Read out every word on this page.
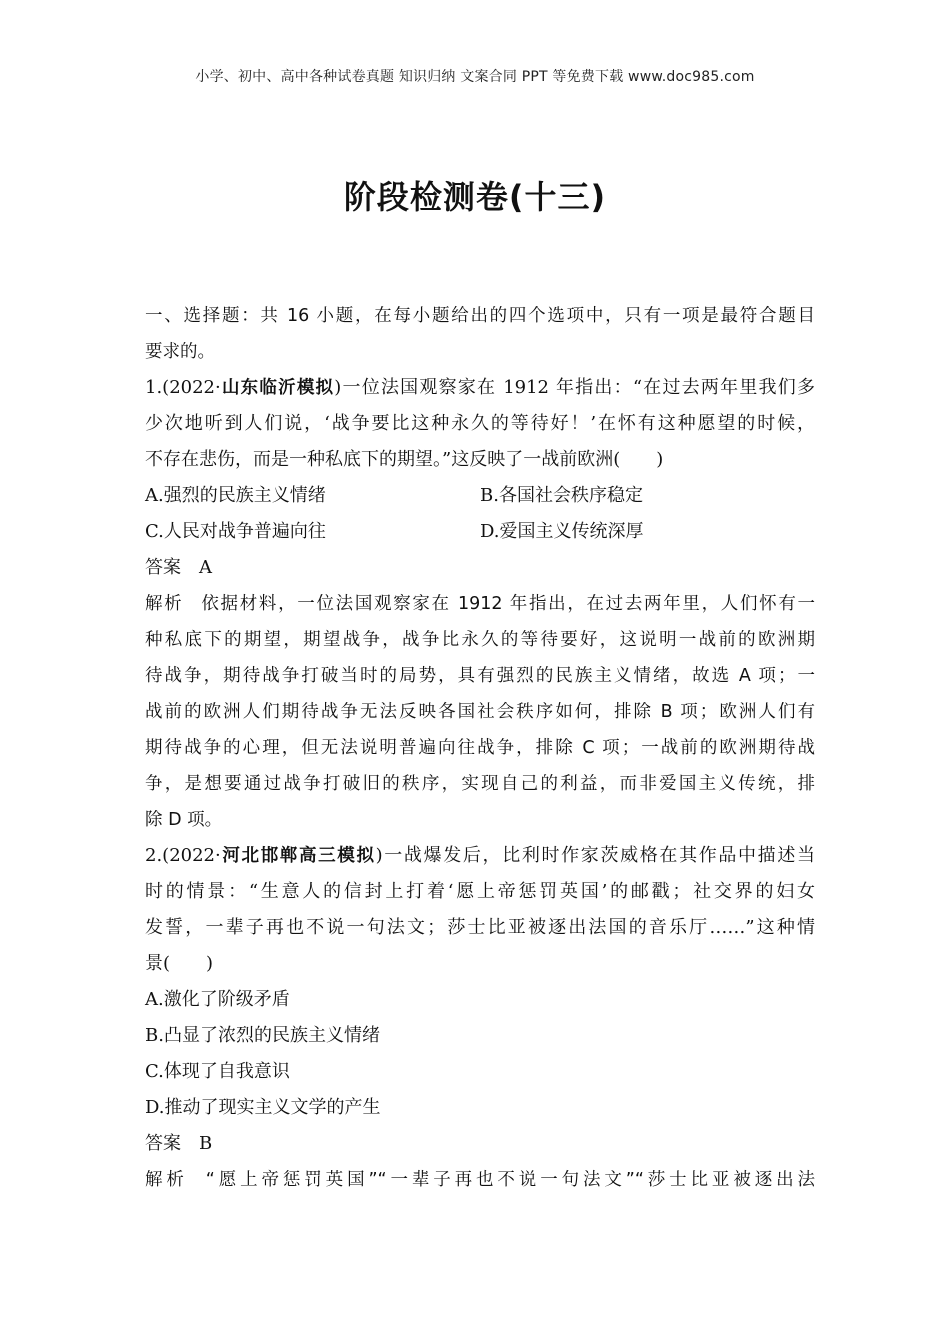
小学、初中、高中各种试卷真题 知识归纳 文案合同 PPT 等免费下载 www.doc985.com
阶段检测卷(十三)
一、选择题：共 16 小题，在每小题给出的四个选项中，只有一项是最符合题目
要求的。
1.(2022·山东临沂模拟)一位法国观察家在 1912 年指出：“在过去两年里我们多
少次地听到人们说，‘战争要比这种永久的等待好！’在怀有这种愿望的时候，
不存在悲伤，而是一种私底下的期望。”这反映了一战前欧洲(　　)
A.强烈的民族主义情绪	B.各国社会秩序稳定
C.人民对战争普遍向往	D.爱国主义传统深厚
答案 A
解析 依据材料，一位法国观察家在 1912 年指出，在过去两年里，人们怀有一
种私底下的期望，期望战争，战争比永久的等待要好，这说明一战前的欧洲期
待战争，期待战争打破当时的局势，具有强烈的民族主义情绪，故选 A 项；一
战前的欧洲人们期待战争无法反映各国社会秩序如何，排除 B 项；欧洲人们有
期待战争的心理，但无法说明普遍向往战争，排除 C 项；一战前的欧洲期待战
争，是想要通过战争打破旧的秩序，实现自己的利益，而非爱国主义传统，排
除 D 项。
2.(2022·河北邯郸高三模拟)一战爆发后，比利时作家茨威格在其作品中描述当
时的情景：“生意人的信封上打着‘愿上帝惩罚英国’的邮戳；社交界的妇女
发誓，一辈子再也不说一句法文；莎士比亚被逐出法国的音乐厅……”这种情
景(　　)
A.激化了阶级矛盾
B.凸显了浓烈的民族主义情绪
C.体现了自我意识
D.推动了现实主义文学的产生
答案 B
解析 “愿上帝惩罚英国”“一辈子再也不说一句法文”“莎士比亚被逐出法
